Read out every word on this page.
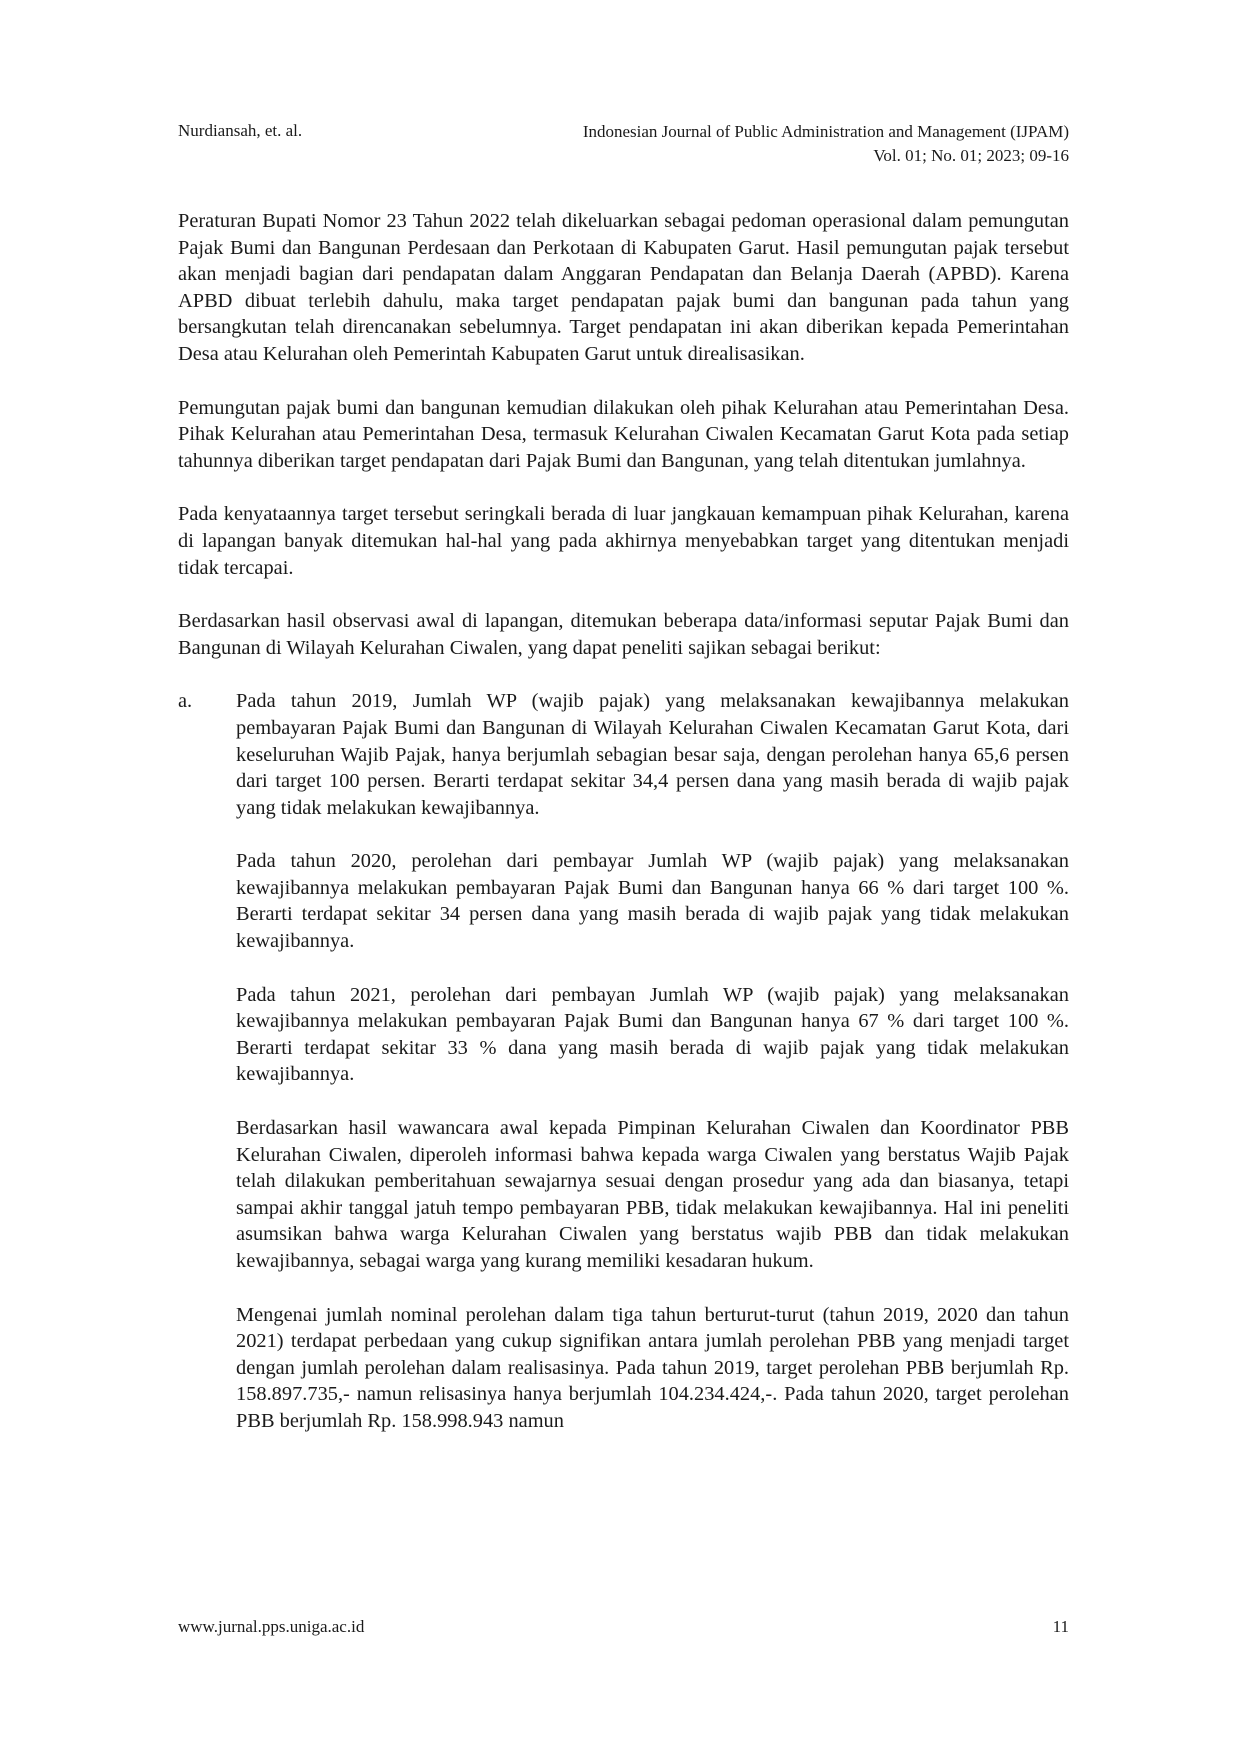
Nurdiansah, et. al.	Indonesian Journal of Public Administration and Management (IJPAM)
Vol. 01; No. 01; 2023; 09-16

Peraturan Bupati Nomor 23 Tahun 2022 telah dikeluarkan sebagai pedoman operasional dalam pemungutan Pajak Bumi dan Bangunan Perdesaan dan Perkotaan di Kabupaten Garut. Hasil pemungutan pajak tersebut akan menjadi bagian dari pendapatan dalam Anggaran Pendapatan dan Belanja Daerah (APBD). Karena APBD dibuat terlebih dahulu, maka target pendapatan pajak bumi dan bangunan pada tahun yang bersangkutan telah direncanakan sebelumnya. Target pendapatan ini akan diberikan kepada Pemerintahan Desa atau Kelurahan oleh Pemerintah Kabupaten Garut untuk direalisasikan.

Pemungutan pajak bumi dan bangunan kemudian dilakukan oleh pihak Kelurahan atau Pemerintahan Desa. Pihak Kelurahan atau Pemerintahan Desa, termasuk Kelurahan Ciwalen Kecamatan Garut Kota pada setiap tahunnya diberikan target pendapatan dari Pajak Bumi dan Bangunan, yang telah ditentukan jumlahnya.

Pada kenyataannya target tersebut seringkali berada di luar jangkauan kemampuan pihak Kelurahan, karena di lapangan banyak ditemukan hal-hal yang pada akhirnya menyebabkan target yang ditentukan menjadi tidak tercapai.

Berdasarkan hasil observasi awal di lapangan, ditemukan beberapa data/informasi seputar Pajak Bumi dan Bangunan di Wilayah Kelurahan Ciwalen, yang dapat peneliti sajikan sebagai berikut:

a. Pada tahun 2019, Jumlah WP (wajib pajak) yang melaksanakan kewajibannya melakukan pembayaran Pajak Bumi dan Bangunan di Wilayah Kelurahan Ciwalen Kecamatan Garut Kota, dari keseluruhan Wajib Pajak, hanya berjumlah sebagian besar saja, dengan perolehan hanya 65,6 persen dari target 100 persen. Berarti terdapat sekitar 34,4 persen dana yang masih berada di wajib pajak yang tidak melakukan kewajibannya.

Pada tahun 2020, perolehan dari pembayar Jumlah WP (wajib pajak) yang melaksanakan kewajibannya melakukan pembayaran Pajak Bumi dan Bangunan hanya 66 % dari target 100 %. Berarti terdapat sekitar 34 persen dana yang masih berada di wajib pajak yang tidak melakukan kewajibannya.

Pada tahun 2021, perolehan dari pembayan Jumlah WP (wajib pajak) yang melaksanakan kewajibannya melakukan pembayaran Pajak Bumi dan Bangunan hanya 67 % dari target 100 %. Berarti terdapat sekitar 33 % dana yang masih berada di wajib pajak yang tidak melakukan kewajibannya.

Berdasarkan hasil wawancara awal kepada Pimpinan Kelurahan Ciwalen dan Koordinator PBB Kelurahan Ciwalen, diperoleh informasi bahwa kepada warga Ciwalen yang berstatus Wajib Pajak telah dilakukan pemberitahuan sewajarnya sesuai dengan prosedur yang ada dan biasanya, tetapi sampai akhir tanggal jatuh tempo pembayaran PBB, tidak melakukan kewajibannya. Hal ini peneliti asumsikan bahwa warga Kelurahan Ciwalen yang berstatus wajib PBB dan tidak melakukan kewajibannya, sebagai warga yang kurang memiliki kesadaran hukum.

Mengenai jumlah nominal perolehan dalam tiga tahun berturut-turut (tahun 2019, 2020 dan tahun 2021) terdapat perbedaan yang cukup signifikan antara jumlah perolehan PBB yang menjadi target dengan jumlah perolehan dalam realisasinya. Pada tahun 2019, target perolehan PBB berjumlah Rp. 158.897.735,- namun relisasinya hanya berjumlah 104.234.424,-. Pada tahun 2020, target perolehan PBB berjumlah Rp. 158.998.943 namun

www.jurnal.pps.uniga.ac.id	11
